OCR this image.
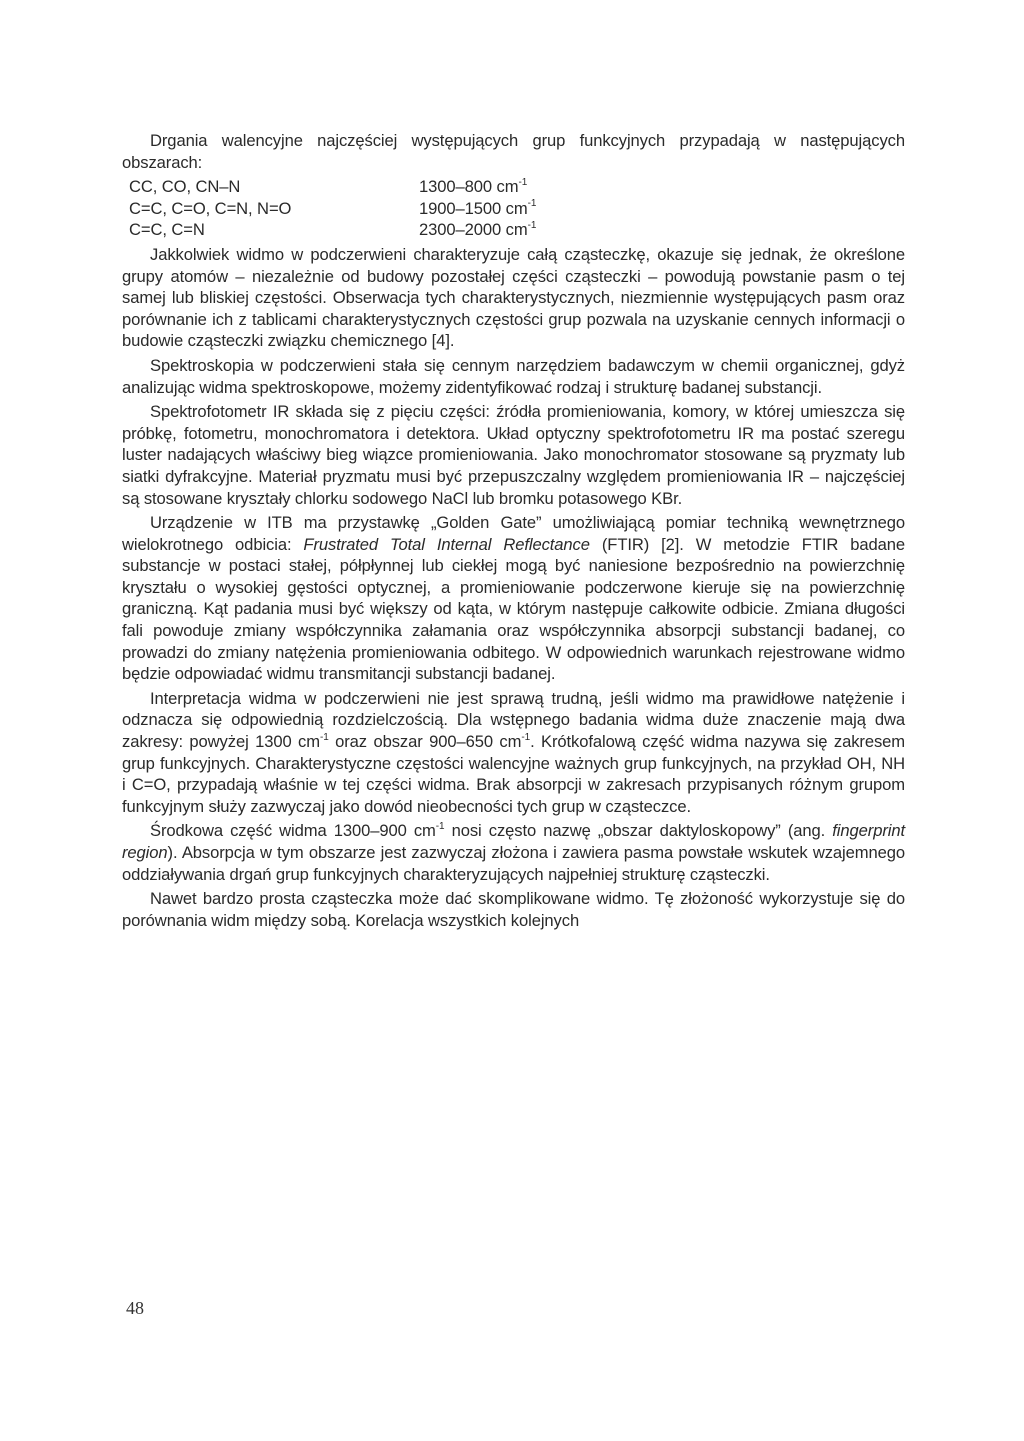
Drgania walencyjne najczęściej występujących grup funkcyjnych przypadają w następujących obszarach:

CC, CO, CN–N	1300–800 $cm^{-1}$
C=C, C=O, C=N, N=O	1900–1500 $cm^{-1}$
C=C, C=N	2300–2000 $cm^{-1}$

Jakkolwiek widmo w podczerwieni charakteryzuje całą cząsteczkę, okazuje się jednak, że określone grupy atomów – niezależnie od budowy pozostałej części cząsteczki – powodują powstanie pasm o tej samej lub bliskiej częstości. Obserwacja tych charakterystycznych, niezmiennie występujących pasm oraz porównanie ich z tablicami charakterystycznych częstości grup pozwala na uzyskanie cennych informacji o budowie cząsteczki związku chemicznego [4].

Spektroskopia w podczerwieni stała się cennym narzędziem badawczym w chemii organicznej, gdyż analizując widma spektroskopowe, możemy zidentyfikować rodzaj i strukturę badanej substancji.

Spektrofotometr IR składa się z pięciu części: źródła promieniowania, komory, w której umieszcza się próbkę, fotometru, monochromatora i detektora. Układ optyczny spektrofotometru IR ma postać szeregu luster nadających właściwy bieg wiązce promieniowania. Jako monochromator stosowane są pryzmaty lub siatki dyfrakcyjne. Materiał pryzmatu musi być przepuszczalny względem promieniowania IR – najczęściej są stosowane kryształy chlorku sodowego NaCl lub bromku potasowego KBr.

Urządzenie w ITB ma przystawkę „Golden Gate” umożliwiającą pomiar techniką wewnętrznego wielokrotnego odbicia: Frustrated Total Internal Reflectance (FTIR) [2]. W metodzie FTIR badane substancje w postaci stałej, półpłynnej lub ciekłej mogą być naniesione bezpośrednio na powierzchnię kryształu o wysokiej gęstości optycznej, a promieniowanie podczerwone kieruje się na powierzchnię graniczną. Kąt padania musi być większy od kąta, w którym następuje całkowite odbicie. Zmiana długości fali powoduje zmiany współczynnika załamania oraz współczynnika absorpcji substancji badanej, co prowadzi do zmiany natężenia promieniowania odbitego. W odpowiednich warunkach rejestrowane widmo będzie odpowiadać widmu transmitancji substancji badanej.

Interpretacja widma w podczerwieni nie jest sprawą trudną, jeśli widmo ma prawidłowe natężenie i odznacza się odpowiednią rozdzielczością. Dla wstępnego badania widma duże znaczenie mają dwa zakresy: powyżej 1300 $cm^{-1}$ oraz obszar 900–650 $cm^{-1}$. Krótkofalową część widma nazywa się zakresem grup funkcyjnych. Charakterystyczne częstości walencyjne ważnych grup funkcyjnych, na przykład OH, NH i C=O, przypadają właśnie w tej części widma. Brak absorpcji w zakresach przypisanych różnym grupom funkcyjnym służy zazwyczaj jako dowód nieobecności tych grup w cząsteczce.

Środkowa część widma 1300–900 $cm^{-1}$ nosi często nazwę „obszar daktyloskopowy” (ang. fingerprint region). Absorpcja w tym obszarze jest zazwyczaj złożona i zawiera pasma powstałe wskutek wzajemnego oddziaływania drgań grup funkcyjnych charakteryzujących najpełniej strukturę cząsteczki.

Nawet bardzo prosta cząsteczka może dać skomplikowane widmo. Tę złożoność wykorzystuje się do porównania widm między sobą. Korelacja wszystkich kolejnych

48
